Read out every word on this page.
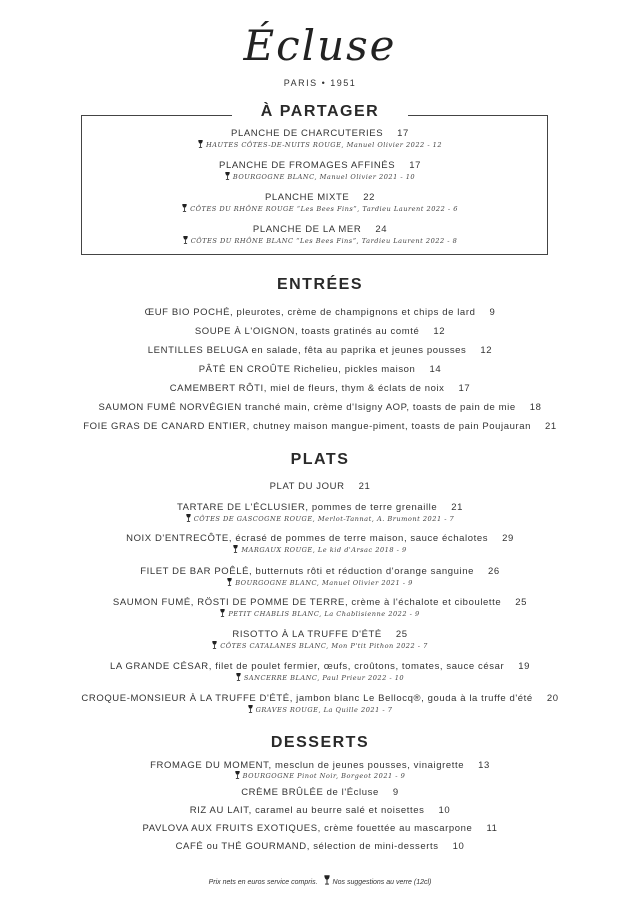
Écluse
PARIS • 1951
À PARTAGER
PLANCHE DE CHARCUTERIES 17
HAUTES CÔTES-DE-NUITS ROUGE, Manuel Olivier 2022 - 12
PLANCHE DE FROMAGES AFFINÉS 17
BOURGOGNE BLANC, Manuel Olivier 2021 - 10
PLANCHE MIXTE 22
CÔTES DU RHÔNE ROUGE “Les Bees Fins”, Tardieu Laurent 2022 - 6
PLANCHE DE LA MER 24
CÔTES DU RHÔNE BLANC “Les Bees Fins”, Tardieu Laurent 2022 - 8
ENTRÉES
ŒUF BIO POCHÉ, pleurotes, crème de champignons et chips de lard 9
SOUPE À L'OIGNON, toasts gratinés au comté 12
LENTILLES BELUGA en salade, fêta au paprika et jeunes pousses 12
PÂTÉ EN CROÛTE Richelieu, pickles maison 14
CAMEMBERT RÔTI, miel de fleurs, thym & éclats de noix 17
SAUMON FUMÉ NORVÉGIEN tranché main, crème d'Isigny AOP, toasts de pain de mie 18
FOIE GRAS DE CANARD ENTIER, chutney maison mangue-piment, toasts de pain Poujauran 21
PLATS
PLAT DU JOUR 21
TARTARE DE L'ÉCLUSIER, pommes de terre grenaille 21
CÔTES DE GASCOGNE ROUGE, Merlot-Tannat, A. Brumont 2021 - 7
NOIX D'ENTRECÔTE, écrasé de pommes de terre maison, sauce échalotes 29
MARGAUX ROUGE, Le kid d'Arsac 2018 - 9
FILET DE BAR POÊLÉ, butternuts rôti et réduction d'orange sanguine 26
BOURGOGNE BLANC, Manuel Olivier 2021 - 9
SAUMON FUMÉ, RÖSTI DE POMME DE TERRE, crème à l'échalote et ciboulette 25
PETIT CHABLIS BLANC, La Chablisienne 2022 - 9
RISOTTO À LA TRUFFE D'ÉTÉ 25
CÔTES CATALANES BLANC, Mon P'tit Pithon 2022 - 7
LA GRANDE CÉSAR, filet de poulet fermier, œufs, croûtons, tomates, sauce césar 19
SANCERRE BLANC, Paul Prieur 2022 - 10
CROQUE-MONSIEUR À LA TRUFFE D'ÉTÉ, jambon blanc Le Bellocq®, gouda à la truffe d'été 20
GRAVES ROUGE, La Quille 2021 - 7
DESSERTS
FROMAGE DU MOMENT, mesclun de jeunes pousses, vinaigrette 13
BOURGOGNE Pinot Noir, Borgeot 2021 - 9
CRÈME BRÛLÉE de l'Écluse 9
RIZ AU LAIT, caramel au beurre salé et noisettes 10
PAVLOVA AUX FRUITS EXOTIQUES, crème fouettée au mascarpone 11
CAFÉ ou THÉ GOURMAND, sélection de mini-desserts 10
Prix nets en euros service compris. Nos suggestions au verre (12cl)
